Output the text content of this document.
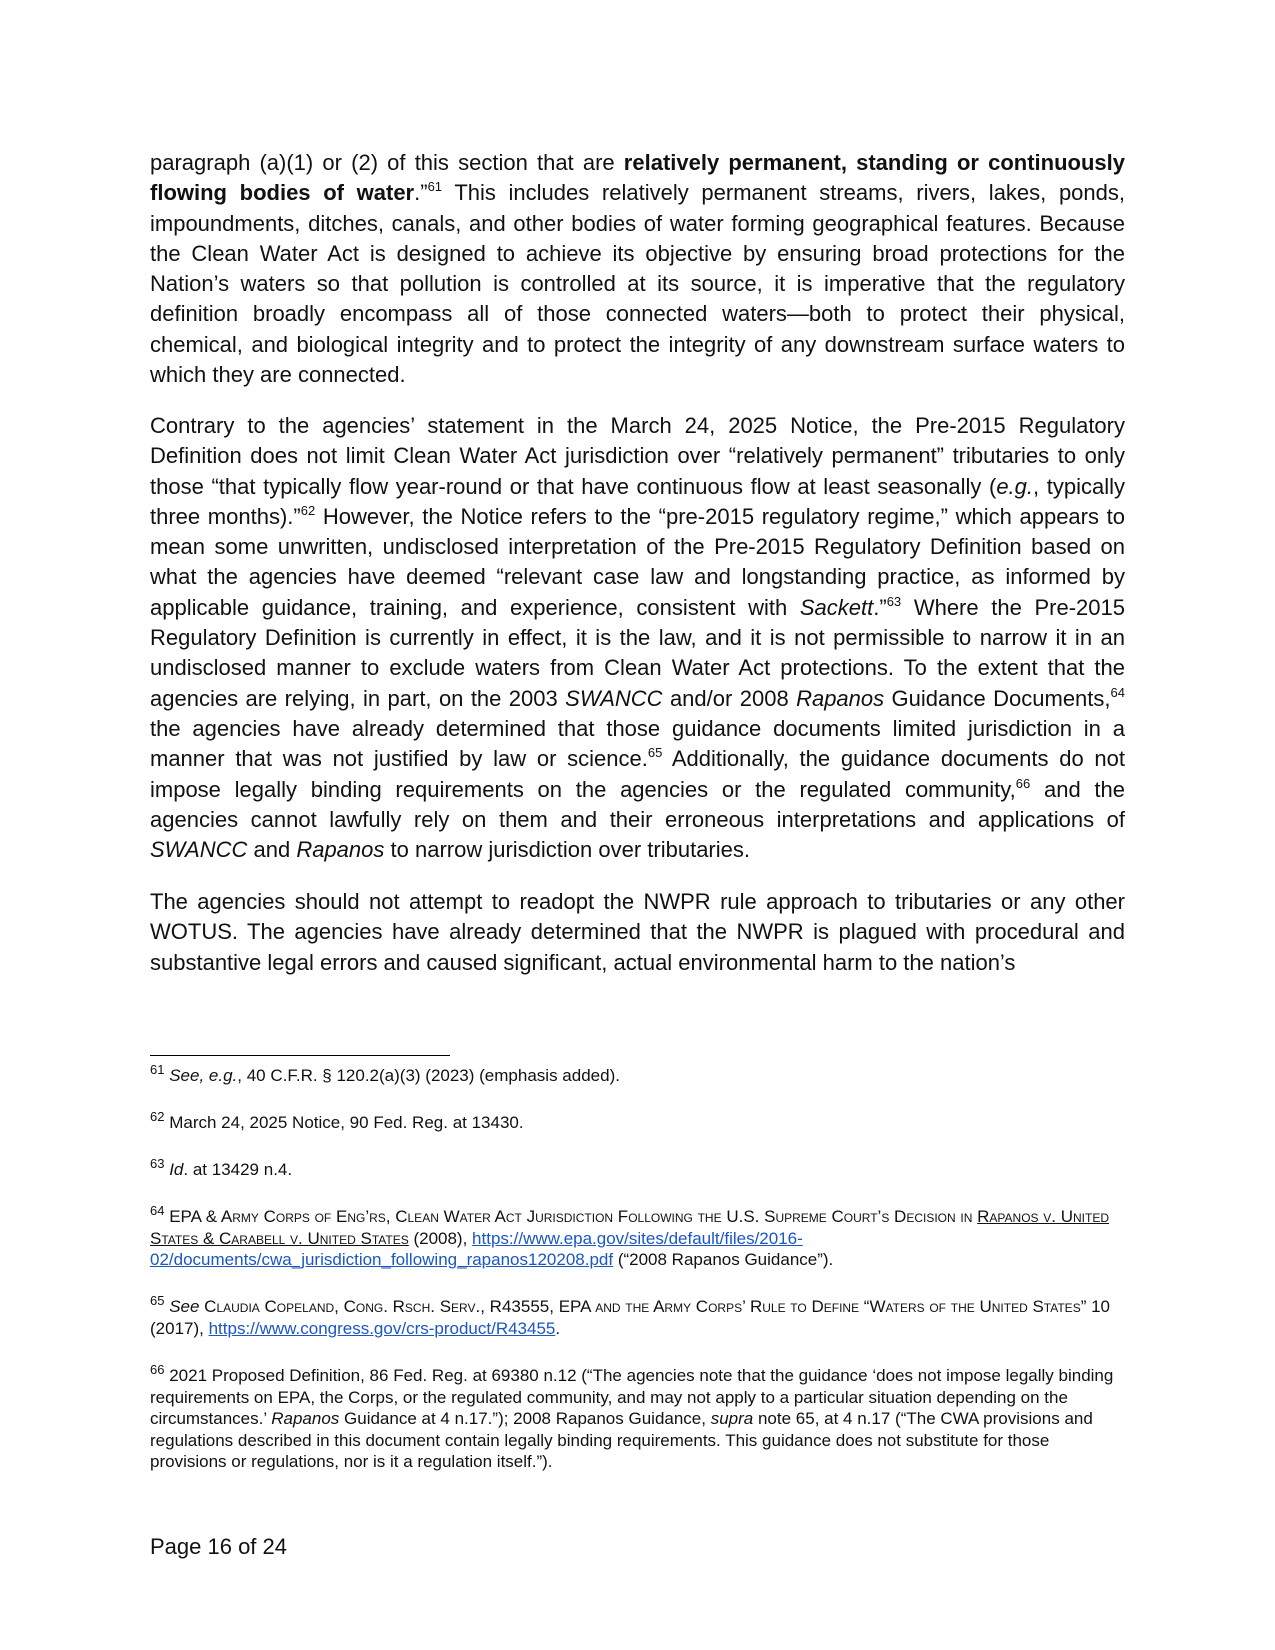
paragraph (a)(1) or (2) of this section that are relatively permanent, standing or continuously flowing bodies of water.”$^{61}$ This includes relatively permanent streams, rivers, lakes, ponds, impoundments, ditches, canals, and other bodies of water forming geographical features. Because the Clean Water Act is designed to achieve its objective by ensuring broad protections for the Nation’s waters so that pollution is controlled at its source, it is imperative that the regulatory definition broadly encompass all of those connected waters—both to protect their physical, chemical, and biological integrity and to protect the integrity of any downstream surface waters to which they are connected.

Contrary to the agencies’ statement in the March 24, 2025 Notice, the Pre-2015 Regulatory Definition does not limit Clean Water Act jurisdiction over “relatively permanent” tributaries to only those “that typically flow year-round or that have continuous flow at least seasonally (e.g., typically three months).”$^{62}$ However, the Notice refers to the “pre-2015 regulatory regime,” which appears to mean some unwritten, undisclosed interpretation of the Pre-2015 Regulatory Definition based on what the agencies have deemed “relevant case law and longstanding practice, as informed by applicable guidance, training, and experience, consistent with Sackett.”$^{63}$ Where the Pre-2015 Regulatory Definition is currently in effect, it is the law, and it is not permissible to narrow it in an undisclosed manner to exclude waters from Clean Water Act protections. To the extent that the agencies are relying, in part, on the 2003 SWANCC and/or 2008 Rapanos Guidance Documents,$^{64}$ the agencies have already determined that those guidance documents limited jurisdiction in a manner that was not justified by law or science.$^{65}$ Additionally, the guidance documents do not impose legally binding requirements on the agencies or the regulated community,$^{66}$ and the agencies cannot lawfully rely on them and their erroneous interpretations and applications of SWANCC and Rapanos to narrow jurisdiction over tributaries.

The agencies should not attempt to readopt the NWPR rule approach to tributaries or any other WOTUS. The agencies have already determined that the NWPR is plagued with procedural and substantive legal errors and caused significant, actual environmental harm to the nation’s

$^{61}$ See, e.g., 40 C.F.R. § 120.2(a)(3) (2023) (emphasis added).

$^{62}$ March 24, 2025 Notice, 90 Fed. Reg. at 13430.

$^{63}$ Id. at 13429 n.4.

$^{64}$ EPA & Army Corps of Eng’rs, Clean Water Act Jurisdiction Following the U.S. Supreme Court’s Decision in Rapanos v. United States & Carabell v. United States (2008), https://www.epa.gov/sites/default/files/2016-02/documents/cwa_jurisdiction_following_rapanos120208.pdf (“2008 Rapanos Guidance”).

$^{65}$ See Claudia Copeland, Cong. Rsch. Serv., R43555, EPA and the Army Corps’ Rule to Define “Waters of the United States” 10 (2017), https://www.congress.gov/crs-product/R43455.

$^{66}$ 2021 Proposed Definition, 86 Fed. Reg. at 69380 n.12 (“The agencies note that the guidance ‘does not impose legally binding requirements on EPA, the Corps, or the regulated community, and may not apply to a particular situation depending on the circumstances.’ Rapanos Guidance at 4 n.17.”); 2008 Rapanos Guidance, supra note 65, at 4 n.17 (“The CWA provisions and regulations described in this document contain legally binding requirements. This guidance does not substitute for those provisions or regulations, nor is it a regulation itself.”).

Page 16 of 24
